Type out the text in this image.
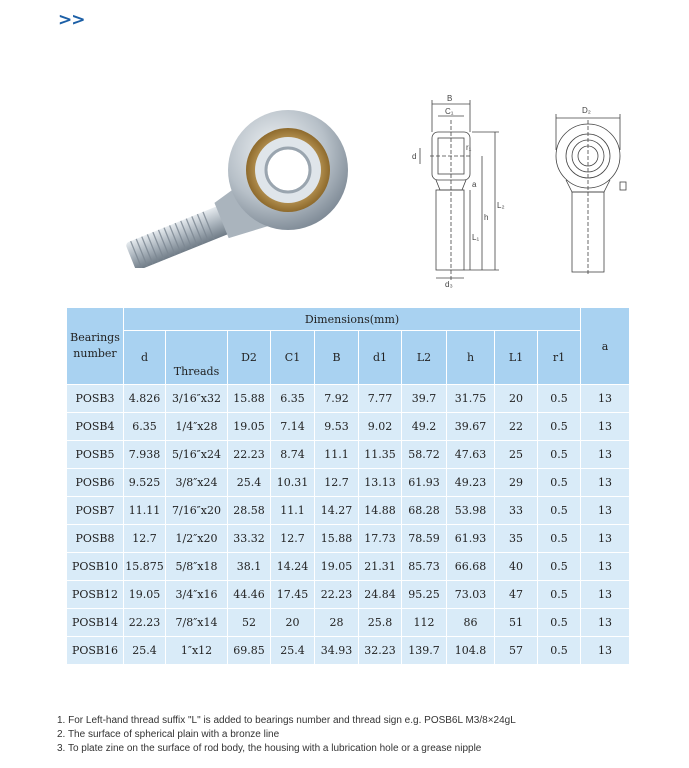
>>
B
C₁
d
r₁
a
h
L₂
L₁
d₃
D₂
Bearings
number	Dimensions(mm)										a
	d	Threads	D2	C1	B	d1	L2	h	L1	r1	
POSB3	4.826	3/16″x32	15.88	6.35	7.92	7.77	39.7	31.75	20	0.5	13
POSB4	6.35	1/4″x28	19.05	7.14	9.53	9.02	49.2	39.67	22	0.5	13
POSB5	7.938	5/16″x24	22.23	8.74	11.1	11.35	58.72	47.63	25	0.5	13
POSB6	9.525	3/8″x24	25.4	10.31	12.7	13.13	61.93	49.23	29	0.5	13
POSB7	11.11	7/16″x20	28.58	11.1	14.27	14.88	68.28	53.98	33	0.5	13
POSB8	12.7	1/2″x20	33.32	12.7	15.88	17.73	78.59	61.93	35	0.5	13
POSB10	15.875	5/8″x18	38.1	14.24	19.05	21.31	85.73	66.68	40	0.5	13
POSB12	19.05	3/4″x16	44.46	17.45	22.23	24.84	95.25	73.03	47	0.5	13
POSB14	22.23	7/8″x14	52	20	28	25.8	112	86	51	0.5	13
POSB16	25.4	1″x12	69.85	25.4	34.93	32.23	139.7	104.8	57	0.5	13
1. For Left-hand thread suffix "L" is added to bearings number and thread sign e.g. POSB6L M3/8×24gL
2. The surface of spherical plain with a bronze line
3. To plate zine on the surface of rod body, the housing with a lubrication hole or a grease nipple
